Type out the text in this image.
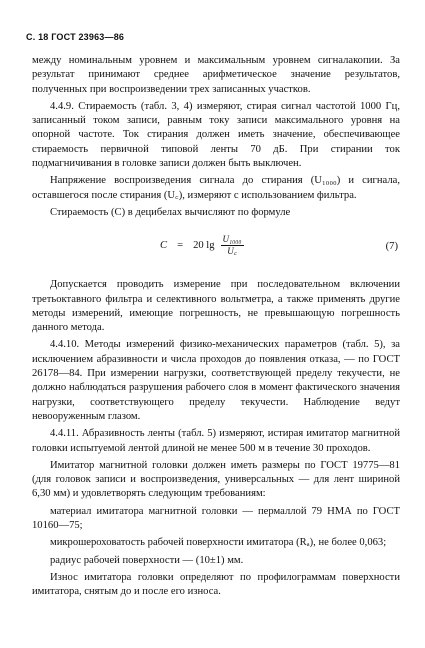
С. 18 ГОСТ 23963—86

между номинальным уровнем и максимальным уровнем сигналакопии. За результат принимают среднее арифметическое значение результатов, полученных при воспроизведении трех записанных участков.

4.4.9. Стираемость (табл. 3, 4) измеряют, стирая сигнал частотой 1000 Гц, записанный током записи, равным току записи максимального уровня на опорной частоте. Ток стирания должен иметь значение, обеспечивающее стираемость первичной типовой ленты 70 дБ. При стирании ток подмагничивания в головке записи должен быть выключен.

Напряжение воспроизведения сигнала до стирания (U₁₀₀₀) и сигнала, оставшегося после стирания (U꜀), измеряют с использованием фильтра.

Стираемость (С) в децибелах вычисляют по формуле

C = 20 $\lg \frac{\text{U₁₀₀₀}}{U꜀}$	(7)

Допускается проводить измерение при последовательном включении третьоктавного фильтра и селективного вольтметра, а также применять другие методы измерений, имеющие погрешность, не превышающую погрешность данного метода.

4.4.10. Методы измерений физико-механических параметров (табл. 5), за исключением абразивности и числа проходов до появления отказа, — по ГОСТ 26178—84. При измерении нагрузки, соответствующей пределу текучести, не должно наблюдаться разрушения рабочего слоя в момент фактического значения нагрузки, соответствующего пределу текучести. Наблюдение ведут невооруженным глазом.

4.4.11. Абразивность ленты (табл. 5) измеряют, истирая имитатор магнитной головки испытуемой лентой длиной не менее 500 м в течение 30 проходов.

Имитатор магнитной головки должен иметь размеры по ГОСТ 19775—81 (для головок записи и воспроизведения, универсальных — для лент шириной 6,30 мм) и удовлетворять следующим требованиям:

материал имитатора магнитной головки — пермаллой 79 НМА по ГОСТ 10160—75;

микрошероховатость рабочей поверхности имитатора (Rₐ), не более 0,063;

радиус рабочей поверхности — (10±1) мм.

Износ имитатора головки определяют по профилограммам поверхности имитатора, снятым до и после его износа.
